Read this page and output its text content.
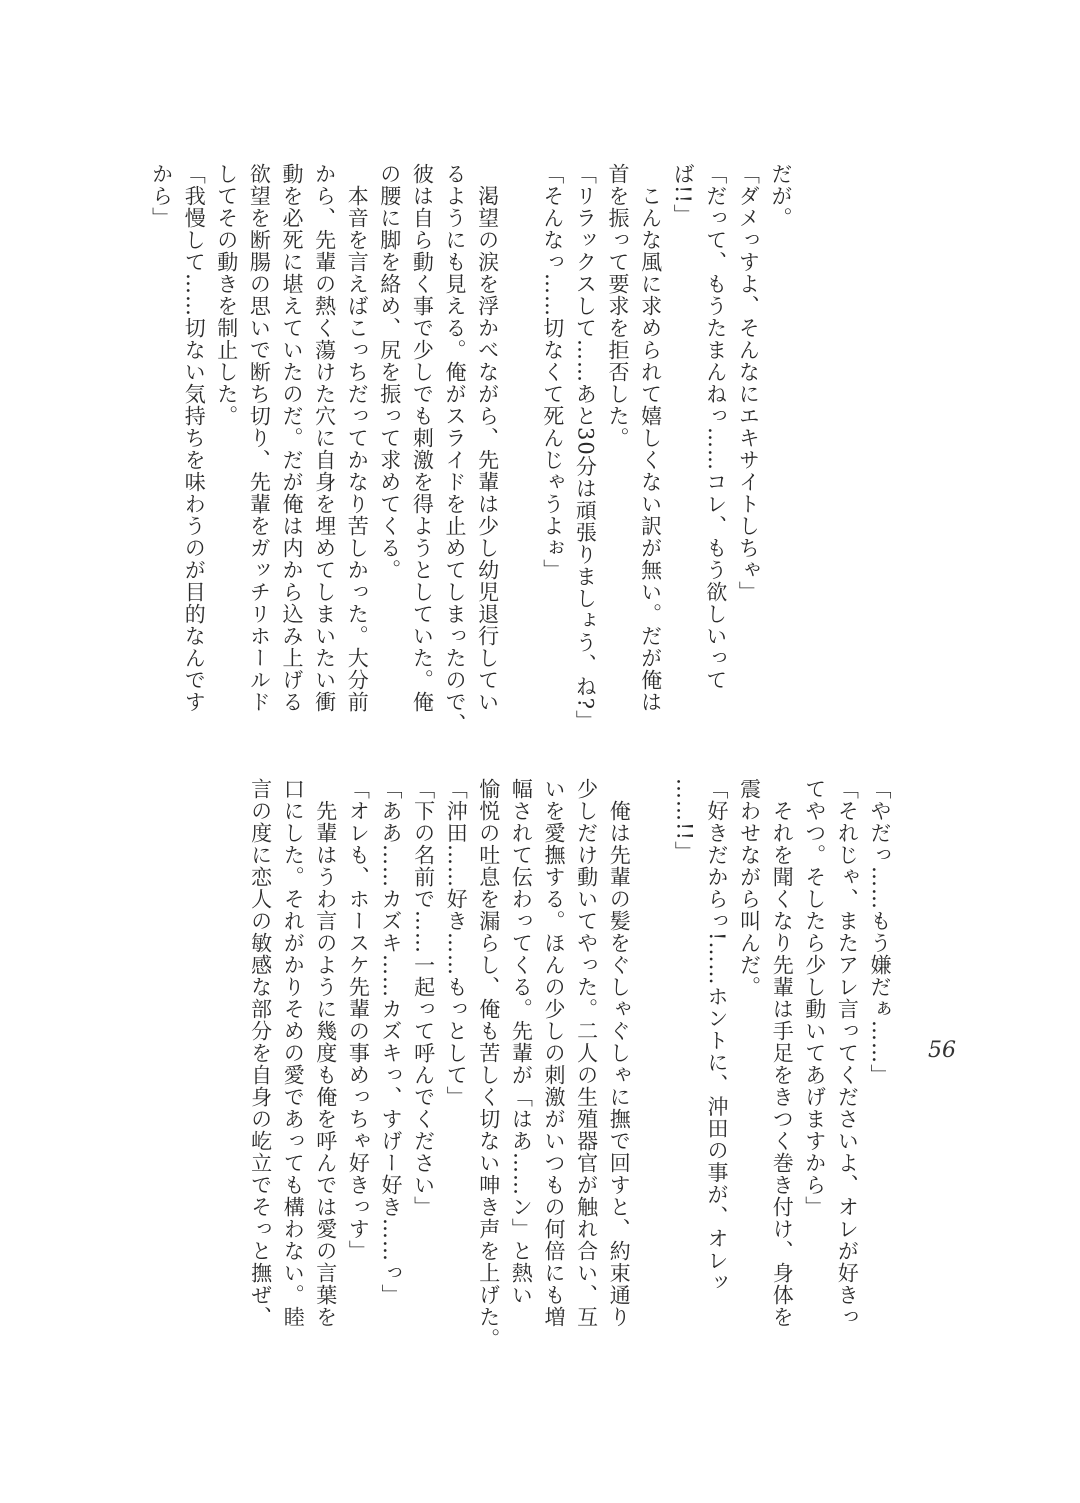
だが。
「ダメっすよ、そんなにエキサイトしちゃ」
「だって、もうたまんねっ……コレ、もう欲しいって
ば!!」
　こんな風に求められて嬉しくない訳が無い。だが俺は
首を振って要求を拒否した。
「リラックスして……あと30分は頑張りましょう、ね?」
「そんなっ……切なくて死んじゃうよぉ」
　渇望の涙を浮かべながら、先輩は少し幼児退行してい
るようにも見える。俺がスライドを止めてしまったので、
彼は自ら動く事で少しでも刺激を得ようとしていた。俺
の腰に脚を絡め、尻を振って求めてくる。
　本音を言えばこっちだってかなり苦しかった。大分前
から、先輩の熱く蕩けた穴に自身を埋めてしまいたい衝
動を必死に堪えていたのだ。だが俺は内から込み上げる
欲望を断腸の思いで断ち切り、先輩をガッチリホールド
してその動きを制止した。
「我慢して……切ない気持ちを味わうのが目的なんです
から」
「やだっ……もう嫌だぁ……」
「それじゃ、またアレ言ってくださいよ、オレが好きっ
てやつ。そしたら少し動いてあげますから」
　それを聞くなり先輩は手足をきつく巻き付け、身体を
震わせながら叫んだ。
「好きだからっ!……ホントに、沖田の事が、オレッ
……!!」
　俺は先輩の髪をぐしゃぐしゃに撫で回すと、約束通り
少しだけ動いてやった。二人の生殖器官が触れ合い、互
いを愛撫する。ほんの少しの刺激がいつもの何倍にも増
幅されて伝わってくる。先輩が「はあ……ン」と熱い
愉悦の吐息を漏らし、俺も苦しく切ない呻き声を上げた。
「沖田……好き……もっとして」
「下の名前で……一起って呼んでください」
「ああ……カズキ……カズキっ、すげー好き……っ」
「オレも、ホースケ先輩の事めっちゃ好きっす」
　先輩はうわ言のように幾度も俺を呼んでは愛の言葉を
口にした。それがかりそめの愛であっても構わない。睦
言の度に恋人の敏感な部分を自身の屹立でそっと撫ぜ、	56
